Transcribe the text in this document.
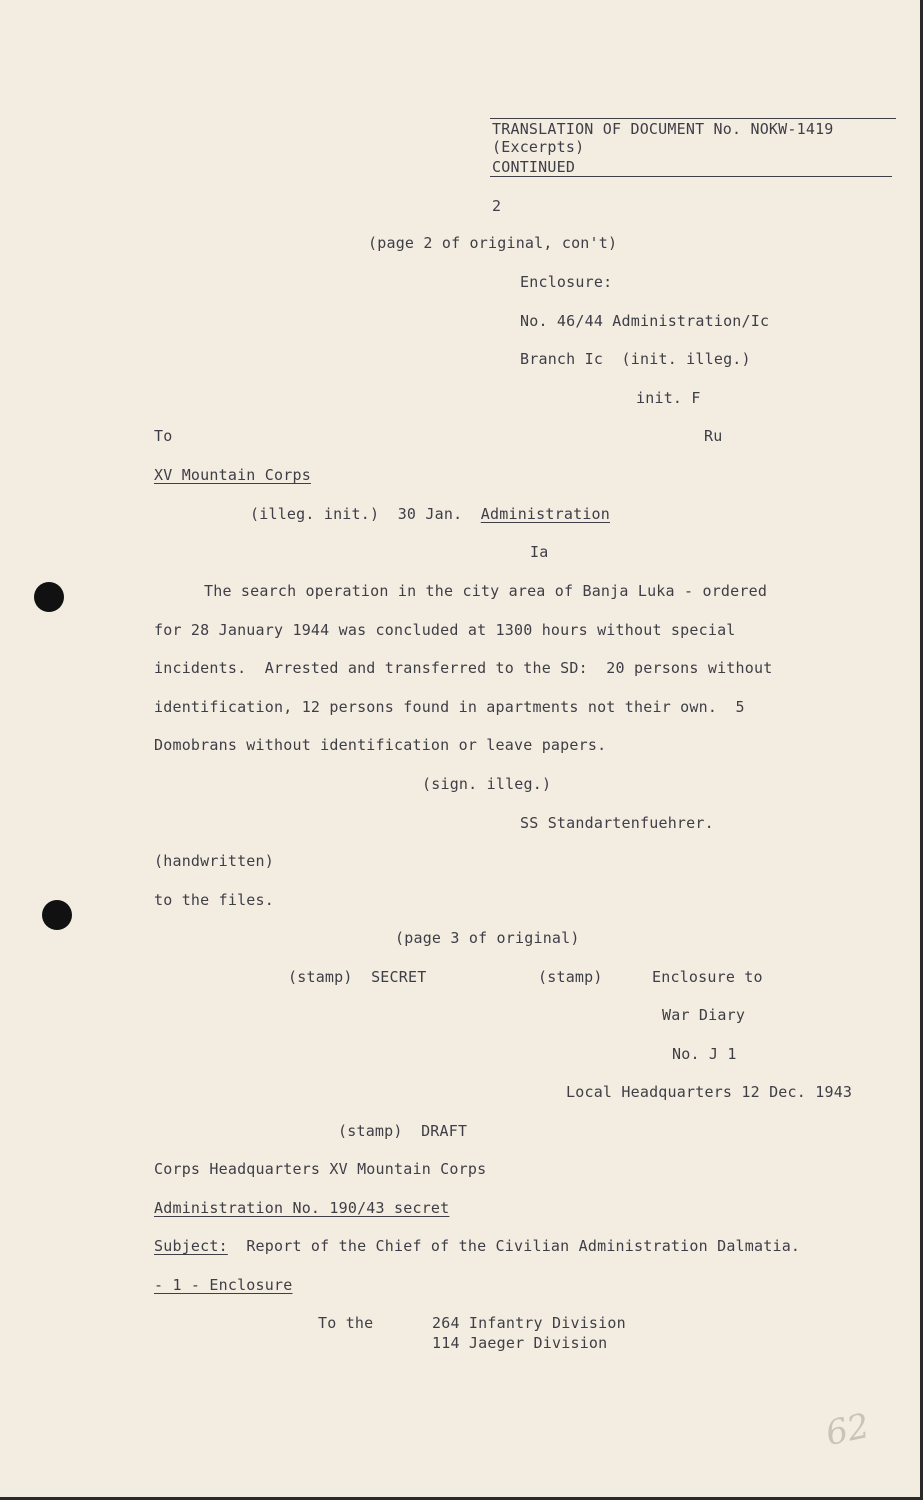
TRANSLATION OF DOCUMENT No. NOKW-1419
(Excerpts)
CONTINUED
2
(page 2 of original, con't)
Enclosure:
No. 46/44 Administration/Ic
Branch Ic  (init. illeg.)
init. F
To	Ru
XV Mountain Corps
(illeg. init.)  30 Jan.  Administration
Ia
The search operation in the city area of Banja Luka - ordered
for 28 January 1944 was concluded at 1300 hours without special
incidents.  Arrested and transferred to the SD:  20 persons without
identification, 12 persons found in apartments not their own.  5
Domobrans without identification or leave papers.
(sign. illeg.)
SS Standartenfuehrer.
(handwritten)
to the files.
(page 3 of original)
(stamp)  SECRET	(stamp)	Enclosure to
War Diary
No. J 1
Local Headquarters 12 Dec. 1943
(stamp)  DRAFT
Corps Headquarters XV Mountain Corps
Administration No. 190/43 secret
Subject:  Report of the Chief of the Civilian Administration Dalmatia.
- 1 - Enclosure
To the	264 Infantry Division
114 Jaeger Division
62
